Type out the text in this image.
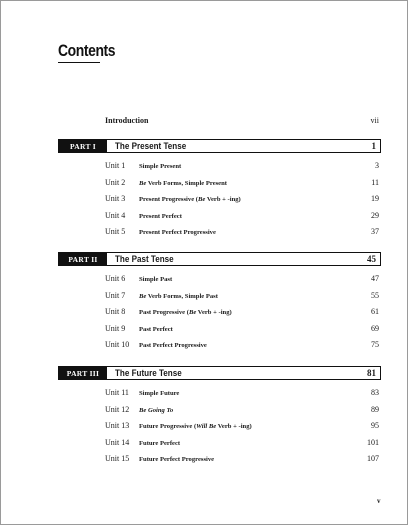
Contents
Introduction	vii
PART I	The Present Tense	1
Unit 1	Simple Present	3
Unit 2	Be Verb Forms, Simple Present	11
Unit 3	Present Progressive (Be Verb + -ing)	19
Unit 4	Present Perfect	29
Unit 5	Present Perfect Progressive	37
PART II	The Past Tense	45
Unit 6	Simple Past	47
Unit 7	Be Verb Forms, Simple Past	55
Unit 8	Past Progressive (Be Verb + -ing)	61
Unit 9	Past Perfect	69
Unit 10	Past Perfect Progressive	75
PART III	The Future Tense	81
Unit 11	Simple Future	83
Unit 12	Be Going To	89
Unit 13	Future Progressive (Will Be Verb + -ing)	95
Unit 14	Future Perfect	101
Unit 15	Future Perfect Progressive	107
v
